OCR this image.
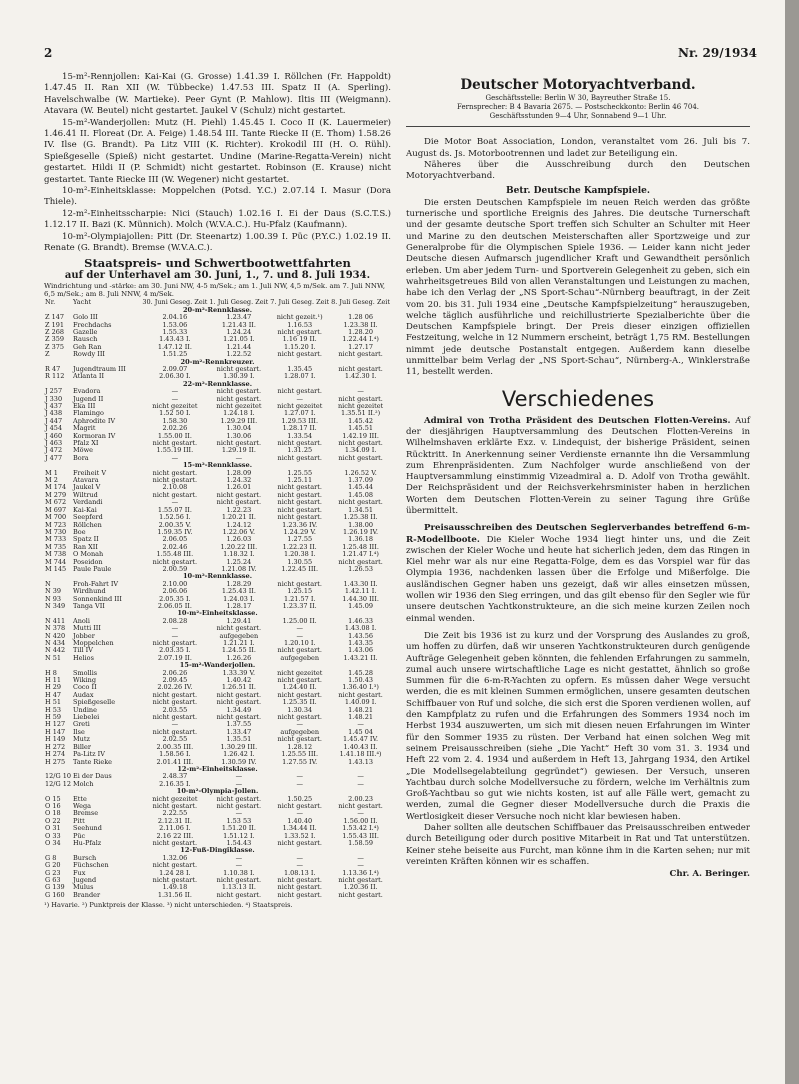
2	Nr. 29/1934

15-m²-Rennjollen: Kai-Kai (G. Grosse) 1.41.39 I. Röllchen (Fr. Happoldt) 1.47.45 II. Ran XII (W. Tübbecke) 1.47.53 III. Spatz II (A. Sperling). Havelschwalbe (W. Martieke). Peer Gynt (P. Mahlow). Iltis III (Weigmann). Atavara (W. Beutel) nicht gestartet. Jaukel V (Schulz) nicht gestartet.

15-m²-Wanderjollen: Mutz (H. Piehl) 1.45.45 I. Coco II (K. Lauermeier) 1.46.41 II. Floreat (Dr. A. Feige) 1.48.54 III. Tante Riecke II (E. Thom) 1.58.26 IV. Ilse (G. Brandt). Pa Litz VIII (K. Richter). Krokodil III (H. O. Rühl). Spießgeselle (Spieß) nicht gestartet. Undine (Marine-Regatta-Verein) nicht gestartet. Hildi II (P. Schmidt) nicht gestartet. Robinson (E. Krause) nicht gestartet. Tante Riecke III (W. Wegener) nicht gestartet.

10-m²-Einheitsklasse: Moppelchen (Potsd. Y.C.) 2.07.14 I. Masur (Dora Thiele).

12-m²-Einheitsscharpie: Nici (Stauch) 1.02.16 I. Ei der Daus (S.C.T.S.) 1.12.17 II. Bazi (K. Münnich). Molch (W.V.A.C.). Hu-Pfalz (Kaufmann).

10-m²-Olympiajollen: Pitt (Dr. Steenartz) 1.00.39 I. Püc (P.Y.C.) 1.02.19 II. Renate (G. Brandt). Bremse (W.V.A.C.).

Staatspreis- und Schwertbootwettfahrten
auf der Unterhavel am 30. Juni, 1., 7. und 8. Juli 1934.
Windrichtung und -stärke: am 30. Juni NW, 4-5 m/Sek.; am 1. Juli NW, 4,5 m/Sek. am 7. Juli NNW, 6,5 m/Sek.; am 8. Juli NNW, 4 m/Sek.
Nr.	Yacht	30. Juni Geseg. Zeit	1. Juli Geseg. Zeit	7. Juli Geseg. Zeit	8. Juli Geseg. Zeit
20-m²-Rennklasse.					
Z 147	Golo III	2.04.16	1.23.47	nicht gezeit.¹)	1.28 06
Z 191	Frechdachs	1.53.06	1.21.43 II.	1.16.53	1.23.38 II.
Z 268	Gazelle	1.55.33	1.24.24	nicht gestart.	1.28.20
Z 359	Rausch	1.43.43 I.	1.21.05 I.	1.16 19 II.	1.22.44 I.⁴)
Z 375	Geh Ran	1.47.12 II.	1.21.44	1.15.20 I.	1.27.17
Z	Rowdy III	1.51.25	1.22.52	nicht gestart.	nicht gestart.
20-m²-Rennkreuzer.					
R 47	Jugendtraum III	2.09.07	nicht gestart.	1.35.45	nicht gestart.
R 112	Atlanta II	2.06.30 I.	1.30.39 I.	1.28.07 I.	1.42.30 I.
22-m²-Rennklasse.					
J 257	Evadora	—	nicht gestart.	nicht gestart.	—
J 330	Jugend II	—	nicht gestart.	—	nicht gestart.
J 437	Eka III	nicht gezeitet	nicht gezeitet	nicht gezeitet	nicht gezeitet
J 438	Flamingo	1.52 50 I.	1.24.18 I.	1.27.07 I.	1.35.51 II.²)
J 447	Aphrodite IV	1.58.30	1.29.29 III.	1.29.53 III.	1.45.42
J 454	Magrit	2.02.26	1.30.04	1.28.17 II.	1.45.51
J 460	Kormoran IV	1.55.00 II.	1.30.06	1.33.54	1.42.19 III.
J 463	Pfalz XI	nicht gestart.	nicht gestart.	nicht gestart.	nicht gestart.
J 472	Möwe	1.55.19 III.	1.29.19 II.	1.31.25	1.34.09 I.
J 477	Bora	—	—	nicht gestart.	nicht gestart.
15-m²-Rennklasse.					
M 1	Freiheit V	nicht gestart.	1.28.09	1.25.55	1.26.52 V.
M 2	Atavara	nicht gestart.	1.24.32	1.25.11	1.37.09
M 174	Jaukel V	2.10.08	1.26.01	nicht gestart.	1.45.44
M 279	Wiltrud	nicht gestart.	nicht gestart.	nicht gestart.	1.45.08
M 672	Verdandi	—	nicht gestart.	nicht gestart.	nicht gestart.
M 697	Kai-Kai	1.55.07 II.	1.22.23	nicht gestart.	1.34.51
M 700	Seepferd	1.52.56 I.	1.20.21 II.	nicht gestart.	1.25.38 II.
M 723	Röllchen	2.00.35 V.	1.24.12	1.23.36 IV.	1.38.00
M 730	Boe	1.59.35 IV.	1.22.06 V.	1.24.29 V.	1.26.19 IV.
M 733	Spatz II	2.06.05	1.26.03	1.27.55	1.36.18
M 735	Ran XII	2.02.46	1.20.22 III.	1.22.23 II.	1.25.48 III.
M 738	O Monah	1.55.48 III.	1.18.32 I.	1.20.38 I.	1.21.47 I.⁴)
M 744	Poseidon	nicht gestart.	1.25.24	1.30.55	nicht gestart.
M 145	Paule Paule	2.00.59	1.21.08 IV.	1.22.45 III.	1.26.53
10-m²-Rennklasse.					
N	Froh-Fahrt IV	2.10.00	1.28.29	nicht gestart.	1.43.30 II.
N 39	Wirdhund	2.06.06	1.25.43 II.	1.25.15	1.42.11 I.
N 93	Sonnenkind III	2.05.35 I.	1.24.03 I.	1.21.57 I.	1.44.30 III.
N 349	Tanga VII	2.06.05 II.	1.28.17	1.23.37 II.	1.45.09
10-m²-Einheitsklasse.					
N 411	Anoli	2.08.28	1.29.41	1.25.00 II.	1.46.33
N 378	Mutti III	—	nicht gestart.	—	1.43.08 I.
N 420	Jobber	—	aufgegeben	—	1.43.56
N 434	Moppelchen	nicht gestart.	1.21.21 I.	1.20.10 I.	1.43.35
N 442	Till IV	2.03.35 I.	1.24.55 II.	nicht gestart.	1.43.06
N 51	Helios	2.07.19 II.	1.26.26	aufgegeben	1.43.21 II.
15-m²-Wanderjollen.					
H 8	Smollis	2.06.26	1.33.39 V.	nicht gezeitet	1.45.28
H 11	Wiking	2.09.45	1.40.42	nicht gestart.	1.50.43
H 29	Coco II	2.02.26 IV.	1.26.51 II.	1.24.40 II.	1.36.40 I.³)
H 47	Audax	nicht gestart.	nicht gestart.	nicht gestart.	nicht gestart.
H 51	Spießgeselle	nicht gestart.	nicht gestart.	1.25.35 II.	1.40.09 I.
H 53	Undine	2.03.55	1.34.49	1.30.34	1.48.21
H 59	Liebelei	nicht gestart.	nicht gestart.	nicht gestart.	1.48.21
H 127	Greti	—	1.37.55	—	—
H 147	Ilse	nicht gestart.	1.33.47	aufgegeben	1.45 04
H 149	Mutz	2.02.55	1.35.51	nicht gestart.	1.45.47 IV.
H 272	Biller	2.00.35 III.	1.30.29 III.	1.28.12	1.40.43 II.
H 274	Pa-Litz IV	1.58.56 I.	1.26.42 I.	1.25.55 III.	1.41.18 III.⁴)
H 275	Tante Rieke	2.01.41 III.	1.30.59 IV.	1.27.55 IV.	1.43.13
12-m²-Einheitsklasse.					
12/G 10	Ei der Daus	2.48.37	—	—	—
12/G 12	Molch	2.16.35 I.	—	—	—
10-m²-Olympia-Jollen.					
O 15	Ette	nicht gezeitet	nicht gestart.	1.50.25	2.00.23
O 16	Wega	nicht gestart.	nicht gestart.	nicht gestart.	nicht gestart.
O 18	Bremse	2.22.55	—	—	—
O 22	Pitt	2.12.31 II.	1.53 53	1.40.40	1.56.00 II.
O 31	Seehund	2.11.06 I.	1.51.20 II.	1.34.44 II.	1.53.42 I.⁴)
O 33	Püc	2.16 22 III.	1.51.12 I.	1.33.52 I.	1.55.43 III.
O 34	Hu-Pfalz	nicht gestart.	1.54.43	nicht gestart.	1.58.59
12-Fuß-Dingiklasse.					
G 8	Bursch	1.32.06	—	—	—
G 20	Füchschen	nicht gestart.	—	—	—
G 23	Fux	1.24 28 I.	1.10.38 I.	1.08.13 I.	1.13.36 I.⁴)
G 63	Jugend	nicht gestart.	nicht gestart.	nicht gestart.	nicht gestart.
G 139	Mulus	1.49.18	1.13.13 II.	nicht gestart.	1.20.36 II.
G 160	Brander	1.31.56 II.	nicht gestart.	nicht gestart.	nicht gestart.
¹) Havarie. ²) Punktpreis der Klasse. ³) nicht unterschieden. ⁴) Staatspreis.
Deutscher Motoryachtverband.
Geschäftsstelle: Berlin W 30, Bayreuther Straße 15.
Fernsprecher: B 4 Bavaria 2675. — Postscheckkonto: Berlin 46 704.
Geschäftsstunden 9—4 Uhr, Sonnabend 9—1 Uhr.

Die Motor Boat Association, London, veranstaltet vom 26. Juli bis 7. August ds. Js. Motorbootrennen und ladet zur Beteiligung ein.

Näheres über die Ausschreibung durch den Deutschen Motoryachtverband.

Betr. Deutsche Kampfspiele.

Die ersten Deutschen Kampfspiele im neuen Reich werden das größte turnerische und sportliche Ereignis des Jahres. Die deutsche Turnerschaft und der gesamte deutsche Sport treffen sich Schulter an Schulter mit Heer und Marine zu den deutschen Meisterschaften aller Sportzweige und zur Generalprobe für die Olympischen Spiele 1936. — Leider kann nicht jeder Deutsche diesen Aufmarsch jugendlicher Kraft und Gewandtheit persönlich erleben. Um aber jedem Turn- und Sportverein Gelegenheit zu geben, sich ein wahrheitsgetreues Bild von allen Veranstaltungen und Leistungen zu machen, habe ich den Verlag der „NS Sport-Schau“-Nürnberg beauftragt, in der Zeit vom 20. bis 31. Juli 1934 eine „Deutsche Kampfspielzeitung“ herauszugeben, welche täglich ausführliche und reichillustrierte Spezialberichte über die Deutschen Kampfspiele bringt. Der Preis dieser einzigen offiziellen Festzeitung, welche in 12 Nummern erscheint, beträgt 1,75 RM. Bestellungen nimmt jede deutsche Postanstalt entgegen. Außerdem kann dieselbe unmittelbar beim Verlag der „NS Sport-Schau“, Nürnberg-A., Winklerstraße 11, bestellt werden.

Verschiedenes

Admiral von Trotha Präsident des Deutschen Flotten-Vereins. Auf der diesjährigen Hauptversammlung des Deutschen Flotten-Vereins in Wilhelmshaven erklärte Exz. v. Lindequist, der bisherige Präsident, seinen Rücktritt. In Anerkennung seiner Verdienste ernannte ihn die Versammlung zum Ehrenpräsidenten. Zum Nachfolger wurde anschließend von der Hauptversammlung einstimmig Vizeadmiral a. D. Adolf von Trotha gewählt. Der Reichspräsident und der Reichsverkehrsminister haben in herzlichen Worten dem Deutschen Flotten-Verein zu seiner Tagung ihre Grüße übermittelt.

Preisausschreiben des Deutschen Seglerverbandes betreffend 6-m-R-Modellboote. Die Kieler Woche 1934 liegt hinter uns, und die Zeit zwischen der Kieler Woche und heute hat sicherlich jeden, dem das Ringen in Kiel mehr war als nur eine Regatta-Folge, dem es das Vorspiel war für das Olympia 1936, nachdenken lassen über die Erfolge und Mißerfolge. Die ausländischen Gegner haben uns gezeigt, daß wir alles einsetzen müssen, wollen wir 1936 den Sieg erringen, und das gilt ebenso für den Segler wie für unsere deutschen Yachtkonstrukteure, an die sich meine kurzen Zeilen noch einmal wenden.

Die Zeit bis 1936 ist zu kurz und der Vorsprung des Auslandes zu groß, um hoffen zu dürfen, daß wir unseren Yachtkonstrukteuren durch genügende Aufträge Gelegenheit geben könnten, die fehlenden Erfahrungen zu sammeln, zumal auch unsere wirtschaftliche Lage es nicht gestattet, ähnlich so große Summen für die 6-m-R-Yachten zu opfern. Es müssen daher Wege versucht werden, die es mit kleinen Summen ermöglichen, unsere gesamten deutschen Schiffbauer von Ruf und solche, die sich erst die Sporen verdienen wollen, auf den Kampfplatz zu rufen und die Erfahrungen des Sommers 1934 noch im Herbst 1934 auszuwerten, um sich mit diesen neuen Erfahrungen im Winter für den Sommer 1935 zu rüsten. Der Verband hat einen solchen Weg mit seinem Preisausschreiben (siehe „Die Yacht“ Heft 30 vom 31. 3. 1934 und Heft 22 vom 2. 4. 1934 und außerdem in Heft 13, Jahrgang 1934, den Artikel „Die Modellsegelabteilung gegründet“) gewiesen. Der Versuch, unseren Yachtbau durch solche Modellversuche zu fördern, welche im Verhältnis zum Groß-Yachtbau so gut wie nichts kosten, ist auf alle Fälle wert, gemacht zu werden, zumal die Gegner dieser Modellversuche durch die Praxis die Wertlosigkeit dieser Versuche noch nicht klar bewiesen haben.

Daher sollten alle deutschen Schiffbauer das Preisausschreiben entweder durch Beteiligung oder durch positive Mitarbeit in Rat und Tat unterstützen. Keiner stehe beiseite aus Furcht, man könne ihm in die Karten sehen; nur mit vereinten Kräften können wir es schaffen.

Chr. A. Beringer.
